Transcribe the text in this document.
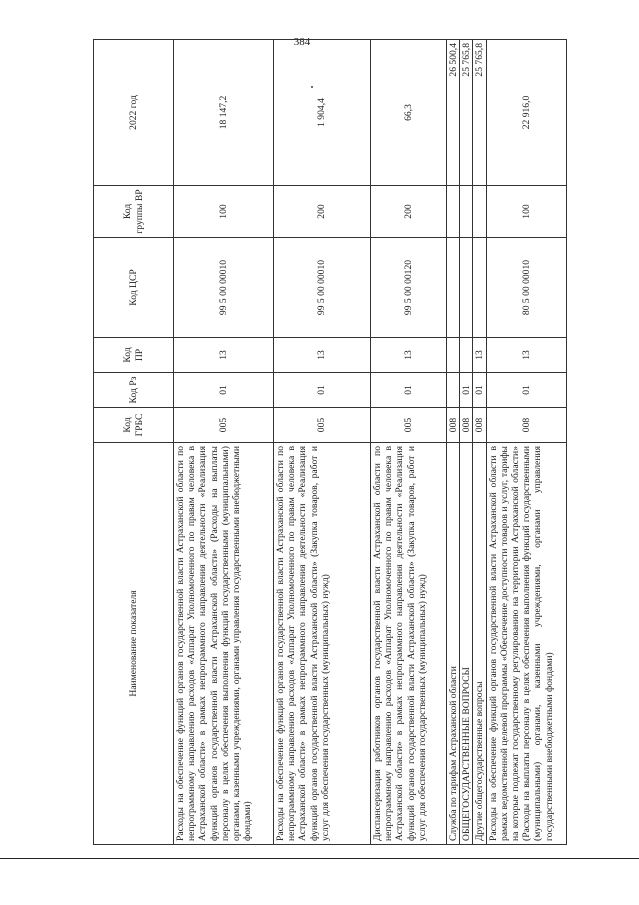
384
Наименование показателя	Код ГРБС	Код Рз	Код ПР	Код ЦСР	Код группы ВР	2022 год
Расходы на обеспечение функций органов государственной власти Астраханской области по непрограммному направлению расходов «Аппарат Уполномоченного по правам человека в Астраханской области» в рамках непрограммного направления деятельности «Реализация функций органов государственной власти Астраханской области» (Расходы на выплаты персоналу в целях обеспечения выполнения функций государственными (муниципальными) органами, казенными учреждениями, органами управления государственными внебюджетными фондами)	005	01	13	99 5 00 00010	100	18 147,2
Расходы на обеспечение функций органов государственной власти Астраханской области по непрограммному направлению расходов «Аппарат Уполномоченного по правам человека в Астраханской области» в рамках непрограммного направления деятельности «Реализация функций органов государственной власти Астраханской области» (Закупка товаров, работ и услуг для обеспечения государственных (муниципальных) нужд)	005	01	13	99 5 00 00010	200	1 904,4
Диспансеризация работников органов государственной власти Астраханской области по непрограммному направлению расходов «Аппарат Уполномоченного по правам человека в Астраханской области» в рамках непрограммного направления деятельности «Реализация функций органов государственной власти Астраханской области» (Закупка товаров, работ и услуг для обеспечения государственных (муниципальных) нужд)	005	01	13	99 5 00 00120	200	66,3
Служба по тарифам Астраханской области	008					26 500,4
ОБЩЕГОСУДАРСТВЕННЫЕ ВОПРОСЫ	008	01				25 765,8
Другие общегосударственные вопросы	008	01	13			25 765,8
Расходы на обеспечение функций органов государственной власти Астраханской области в рамках ведомственной целевой программы «Обеспечение доступности товаров и услуг, тарифы на которые подлежат государственному регулированию на территории Астраханской области» (Расходы на выплаты персоналу в целях обеспечения выполнения функций государственными (муниципальными) органами, казенными учреждениями, органами управления государственными внебюджетными фондами)	008	01	13	80 5 00 00010	100	22 916,0
